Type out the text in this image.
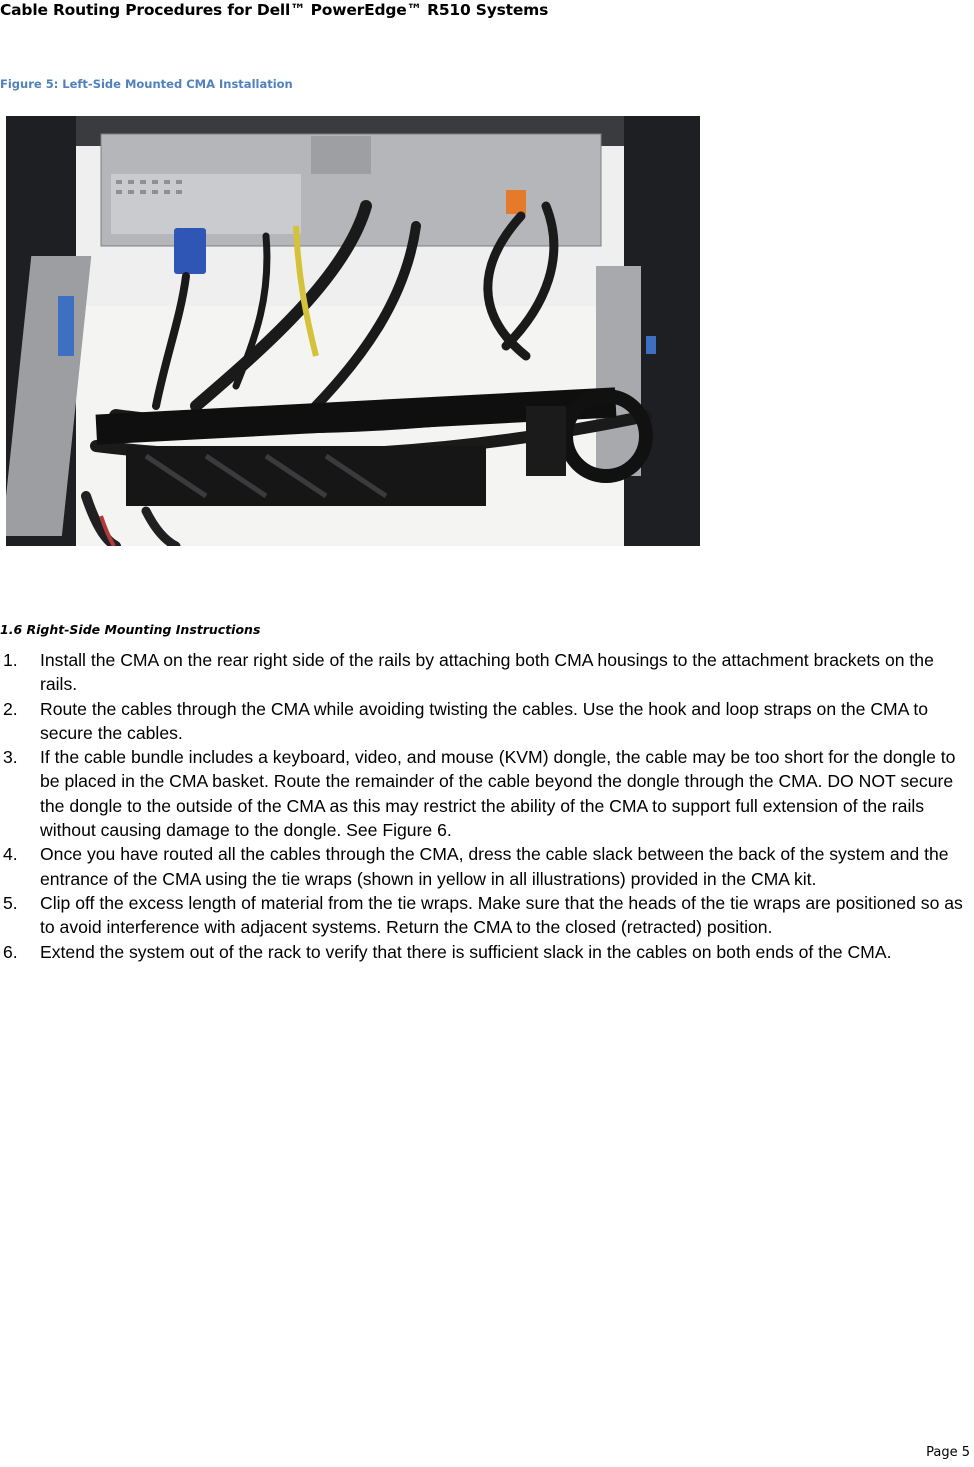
Cable Routing Procedures for Dell™ PowerEdge™ R510 Systems
Figure 5: Left-Side Mounted CMA Installation
1.6 Right-Side Mounting Instructions
1. Install the CMA on the rear right side of the rails by attaching both CMA housings to the attachment brackets on the rails.
2. Route the cables through the CMA while avoiding twisting the cables. Use the hook and loop straps on the CMA to secure the cables.
3. If the cable bundle includes a keyboard, video, and mouse (KVM) dongle, the cable may be too short for the dongle to be placed in the CMA basket. Route the remainder of the cable beyond the dongle through the CMA. DO NOT secure the dongle to the outside of the CMA as this may restrict the ability of the CMA to support full extension of the rails without causing damage to the dongle. See Figure 6.
4. Once you have routed all the cables through the CMA, dress the cable slack between the back of the system and the entrance of the CMA using the tie wraps (shown in yellow in all illustrations) provided in the CMA kit.
5. Clip off the excess length of material from the tie wraps. Make sure that the heads of the tie wraps are positioned so as to avoid interference with adjacent systems. Return the CMA to the closed (retracted) position.
6. Extend the system out of the rack to verify that there is sufficient slack in the cables on both ends of the CMA.
Page 5
